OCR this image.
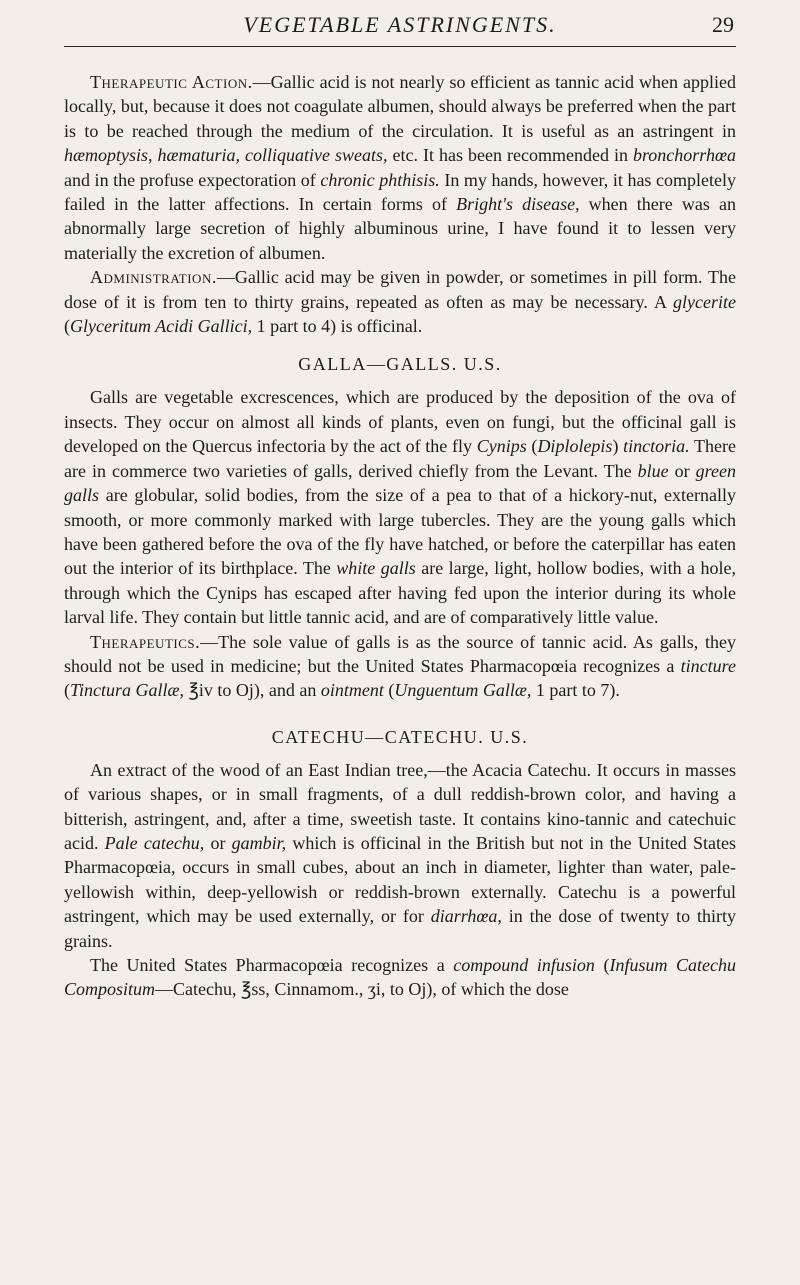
VEGETABLE ASTRINGENTS.	29

Therapeutic Action.—Gallic acid is not nearly so efficient as tannic acid when applied locally, but, because it does not coagulate albumen, should always be preferred when the part is to be reached through the medium of the circulation. It is useful as an astringent in hæmoptysis, hæmaturia, colliquative sweats, etc. It has been recommended in bronchorrhœa and in the profuse expectoration of chronic phthisis. In my hands, however, it has completely failed in the latter affections. In certain forms of Bright's disease, when there was an abnormally large secretion of highly albuminous urine, I have found it to lessen very materially the excretion of albumen.

Administration.—Gallic acid may be given in powder, or sometimes in pill form. The dose of it is from ten to thirty grains, repeated as often as may be necessary. A glycerite (Glyceritum Acidi Gallici, 1 part to 4) is officinal.

GALLA—GALLS. U.S.

Galls are vegetable excrescences, which are produced by the deposition of the ova of insects. They occur on almost all kinds of plants, even on fungi, but the officinal gall is developed on the Quercus infectoria by the act of the fly Cynips (Diplolepis) tinctoria. There are in commerce two varieties of galls, derived chiefly from the Levant. The blue or green galls are globular, solid bodies, from the size of a pea to that of a hickory-nut, externally smooth, or more commonly marked with large tubercles. They are the young galls which have been gathered before the ova of the fly have hatched, or before the caterpillar has eaten out the interior of its birthplace. The white galls are large, light, hollow bodies, with a hole, through which the Cynips has escaped after having fed upon the interior during its whole larval life. They contain but little tannic acid, and are of comparatively little value.

Therapeutics.—The sole value of galls is as the source of tannic acid. As galls, they should not be used in medicine; but the United States Pharmacopœia recognizes a tincture (Tinctura Gallæ, ℥iv to Oj), and an ointment (Unguentum Gallæ, 1 part to 7).

CATECHU—CATECHU. U.S.

An extract of the wood of an East Indian tree,—the Acacia Catechu. It occurs in masses of various shapes, or in small fragments, of a dull reddish-brown color, and having a bitterish, astringent, and, after a time, sweetish taste. It contains kino-tannic and catechuic acid. Pale catechu, or gambir, which is officinal in the British but not in the United States Pharmacopœia, occurs in small cubes, about an inch in diameter, lighter than water, pale-yellowish within, deep-yellowish or reddish-brown externally. Catechu is a powerful astringent, which may be used externally, or for diarrhœa, in the dose of twenty to thirty grains.

The United States Pharmacopœia recognizes a compound infusion (Infusum Catechu Compositum—Catechu, ℥ss, Cinnamom., ʒi, to Oj), of which the dose
